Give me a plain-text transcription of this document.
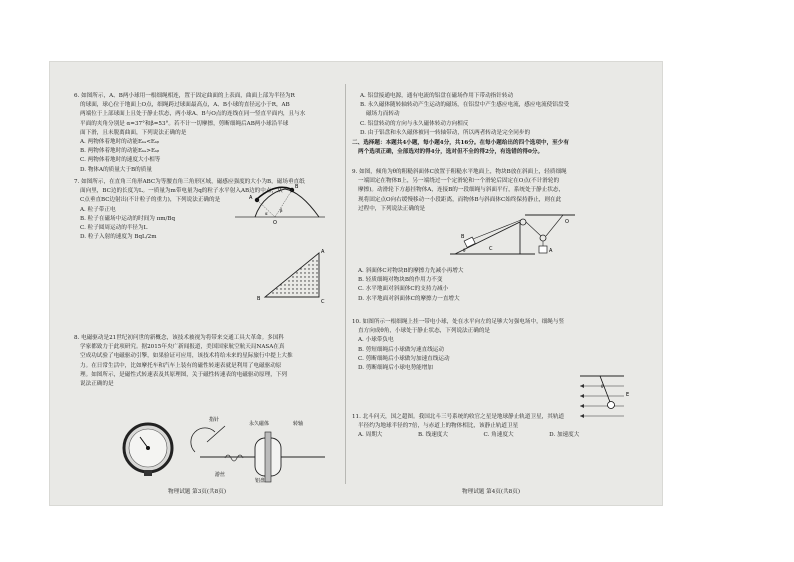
6. 如图所示，A、B两小球用一根细绳相连，置于固定曲面的上表面，曲面上部为半径为R
的球面，球心位于地面上O点，细绳跨过球面最高点，A、B小球的直径远小于R，AB
两端位于上部球面上且处于静止状态，两小球A、B与O点的连线在同一竖直平面内，且与水
平面的夹角分别是 α=37°和β=53°。若不计一切摩擦，剪断细绳后AB两小球沿半球
面下滑，且未脱离曲面，下列说法正确的是
A. 两物体着地时的动能Eₖₐ<Eₖᵦ
B. 两物体着地时的动能Eₖₐ>Eₖᵦ
C. 两物体着地时的速度大小相等
D. 物体A的质量大于B的质量
A
B
O
α
β
7. 如图所示，在直角三角形ABC为等腰直角三角形区域，磁感应强度的大小为B，磁场垂直纸
面向里，BC边的长度为L。一质量为m带电量为q的粒子水平射入AB边的中点，从
C点垂直BC边射出(不计粒子的重力)，下列说法正确的是
A. 粒子带正电
B. 粒子在磁场中运动的时间为 πm/Bq
C. 粒子圆周运动的半径为L
D. 粒子入射的速度为 BqL/2m
A
B	C
8. 电磁驱动是21世纪初问世的新概念，该技术被视为将带来交通工具大革命。多国科
学家都致力于此项研究。据2015年央广新闻报道，美国国家航空航天局NASA在真
空成功试验了电磁驱动引擎，如果验证可应用，该技术将给未来的星际旅行中提上大推
力。在日常生活中，比如摩托车和汽车上装有的磁性转速表就是利用了电磁驱动原
理。如图所示，是磁性式转速表及其原理图，关于磁性转速表的电磁驱动原理，下列
说法正确的是
指针
永久磁体	转轴
游丝
铝盘
物理试题 第3页(共8页)
A. 铝盘接通电源，通有电流的铝盘在磁场作用下带动指针转动
B. 永久磁体随转轴转动产生运动的磁场，在铝盘中产生感应电流，感应电流使铝盘受
磁场力而转动
C. 铝盘转动的方向与永久磁体转动方向相反
D. 由于铝盘和永久磁体被同一转轴带动，所以两者转动是完全同步的
二、选择题：本题共4小题，每小题4分，共16分。在每小题给出的四个选项中，至少有
两个选项正确，全部选对的得4分，选对但不全的得2分，有选错的得0分。
9. 如图，倾角为θ的粗糙斜面体C放置于粗糙水平地面上，物块B放在斜面上，轻质细绳
一端固定在物体B上，另一端绕过一个定滑轮和一个滑轮后固定在O点(不计滑轮的
摩擦)。动滑轮下方悬挂物体A，连接B的一段细绳与斜面平行，系统处于静止状态，
现将固定点O向右缓慢移动一小段距离，而物体B与斜面体C始终保持静止，则在此
过程中，下列说法正确的是
O
A
B
C
θ
A. 斜面体C对物块B的摩擦力先减小再增大
B. 轻质细绳对物块B的作用力不变
C. 水平地面对斜面体C的支持力减小
D. 水平地面对斜面体C的摩擦力一直增大
11. 北斗问天，国之超图。我国北斗三号系统的收官之星是地球静止轨道卫星，其轨道
半径约为地球半径的7倍，与赤道上的物体相比，该静止轨道卫星
A. 周期大                    B. 线速度大                    C. 角速度大                    D. 加速度大
10. 如图所示一根细绳上挂一带电小球，处在水平向左的足够大匀强电场中，细绳与竖
直方向成θ角，小球处于静止状态，下列说法正确的是
A. 小球带负电
B. 剪短细绳后小球做匀速直线运动
C. 剪断细绳后小球做匀加速直线运动
D. 剪断细绳后小球电势能增加
E
θ
物理试题 第4页(共8页)
